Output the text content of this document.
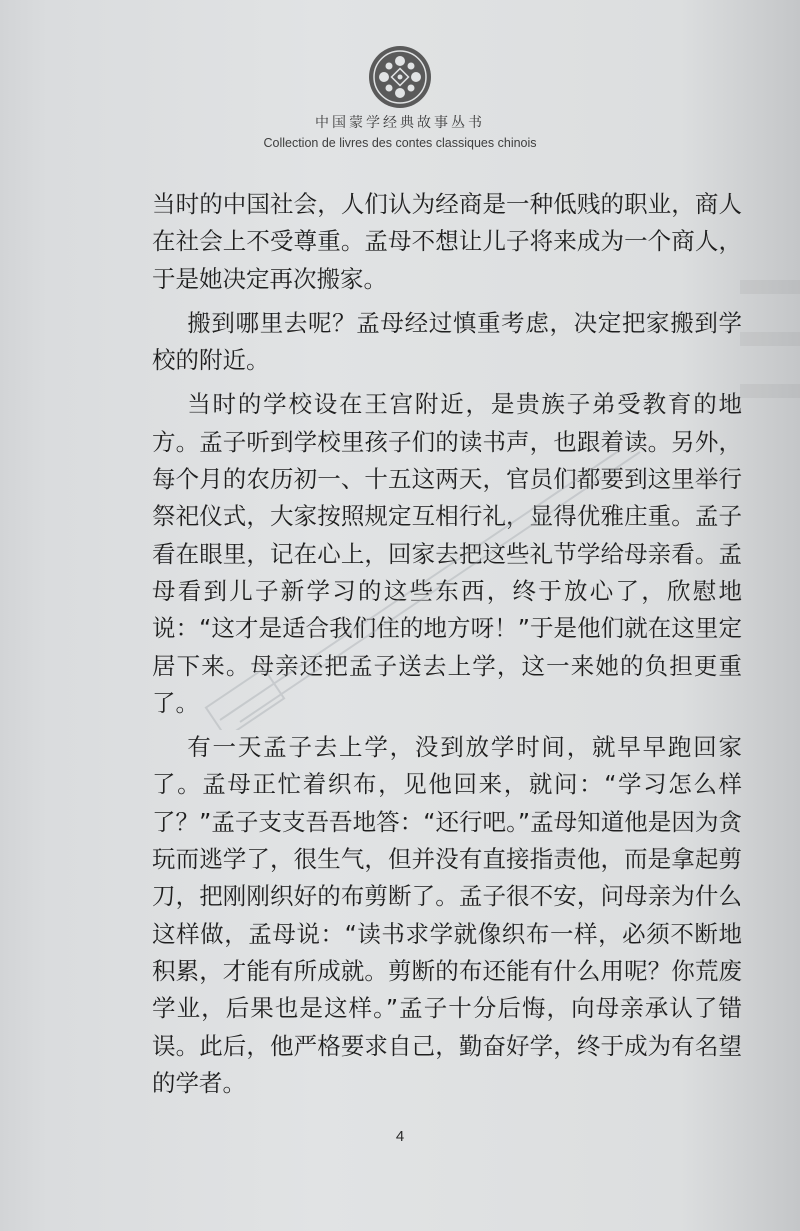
中国蒙学经典故事丛书
Collection de livres des contes classiques chinois

当时的中国社会，人们认为经商是一种低贱的职业，商人在社会上不受尊重。孟母不想让儿子将来成为一个商人，于是她决定再次搬家。

搬到哪里去呢？孟母经过慎重考虑，决定把家搬到学校的附近。

当时的学校设在王宫附近，是贵族子弟受教育的地方。孟子听到学校里孩子们的读书声，也跟着读。另外，每个月的农历初一、十五这两天，官员们都要到这里举行祭祀仪式，大家按照规定互相行礼，显得优雅庄重。孟子看在眼里，记在心上，回家去把这些礼节学给母亲看。孟母看到儿子新学习的这些东西，终于放心了，欣慰地说：“这才是适合我们住的地方呀！”于是他们就在这里定居下来。母亲还把孟子送去上学，这一来她的负担更重了。

有一天孟子去上学，没到放学时间，就早早跑回家了。孟母正忙着织布，见他回来，就问：“学习怎么样了？”孟子支支吾吾地答：“还行吧。”孟母知道他是因为贪玩而逃学了，很生气，但并没有直接指责他，而是拿起剪刀，把刚刚织好的布剪断了。孟子很不安，问母亲为什么这样做，孟母说：“读书求学就像织布一样，必须不断地积累，才能有所成就。剪断的布还能有什么用呢？你荒废学业，后果也是这样。”孟子十分后悔，向母亲承认了错误。此后，他严格要求自己，勤奋好学，终于成为有名望的学者。

4
